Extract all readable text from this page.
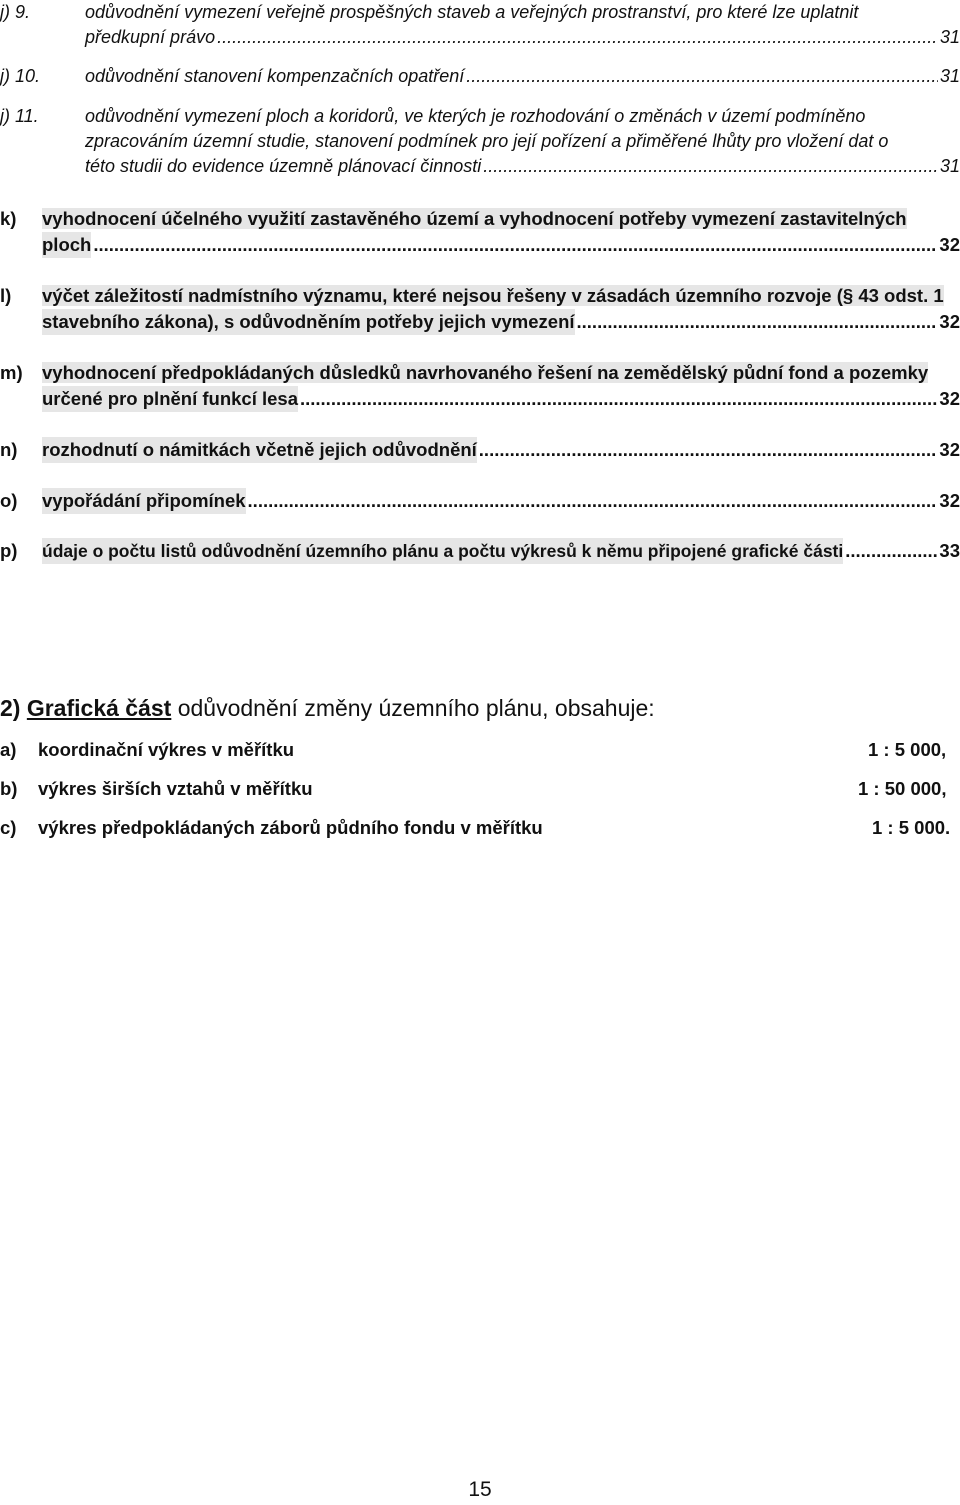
j) 9.	odůvodnění vymezení veřejně prospěšných staveb a veřejných prostranství, pro které lze uplatnit
předkupní právo .....	31
j) 10.	odůvodnění stanovení kompenzačních opatření .....	31
j) 11.	odůvodnění vymezení ploch a koridorů, ve kterých je rozhodování o změnách v území podmíněno
zpracováním územní studie, stanovení podmínek pro její pořízení a přiměřené lhůty pro vložení dat o
této studii do evidence územně plánovací činnosti .....	31
k)	vyhodnocení účelného využití zastavěného území a vyhodnocení potřeby vymezení zastavitelných
ploch .....	32
l)	výčet záležitostí nadmístního významu, které nejsou řešeny v zásadách územního rozvoje (§ 43 odst. 1
stavebního zákona), s odůvodněním potřeby jejich vymezení .....	32
m)	vyhodnocení předpokládaných důsledků navrhovaného řešení na zemědělský půdní fond a pozemky
určené pro plnění funkcí lesa .....	32
n)	rozhodnutí o námitkách včetně jejich odůvodnění .....	32
o)	vypořádání připomínek .....	32
p)	údaje o počtu listů odůvodnění územního plánu a počtu výkresů k němu připojené grafické části .....	33
2) Grafická část odůvodnění změny územního plánu, obsahuje:
a) koordinační výkres v měřítku	1 : 5 000,
b) výkres širších vztahů v měřítku	1 : 50 000,
c) výkres předpokládaných záborů půdního fondu v měřítku	1 : 5 000.
15
